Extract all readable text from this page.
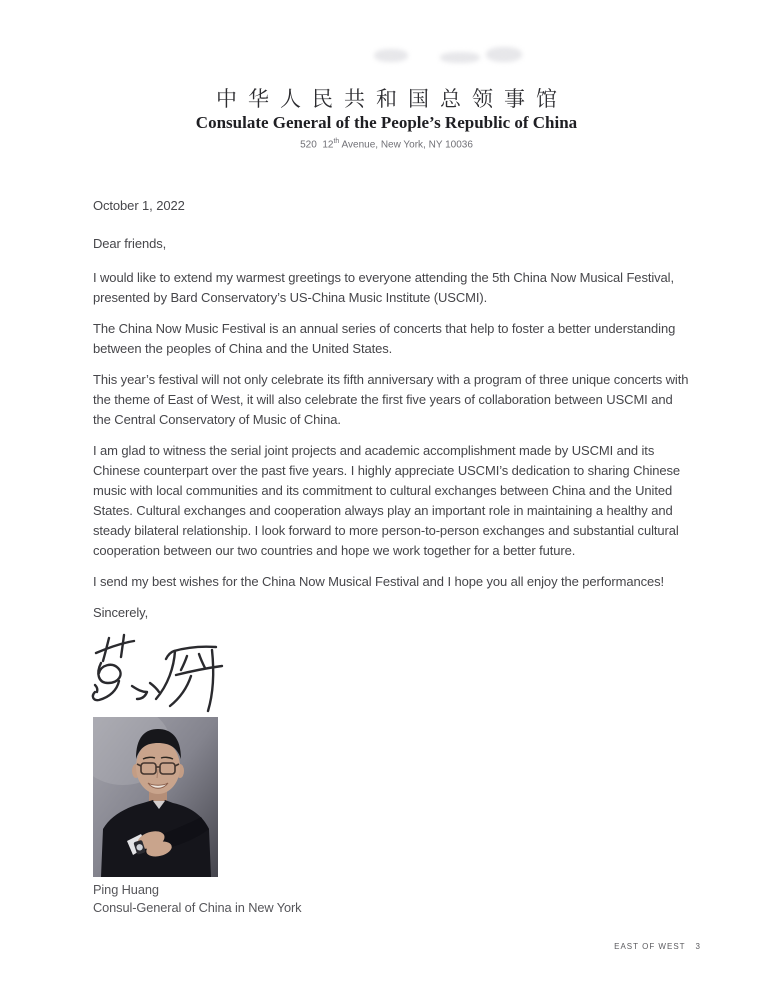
中华人民共和国总领事馆
Consulate General of the People’s Republic of China
520  12th Avenue, New York, NY 10036

October 1, 2022

Dear friends,

I would like to extend my warmest greetings to everyone attending the 5th China Now Musical Festival, presented by Bard Conservatory’s US-China Music Institute (USCMI).

The China Now Music Festival is an annual series of concerts that help to foster a better understanding between the peoples of China and the United States.

This year’s festival will not only celebrate its fifth anniversary with a program of three unique concerts with the theme of East of West, it will also celebrate the first five years of collaboration between USCMI and the Central Conservatory of Music of China.

I am glad to witness the serial joint projects and academic accomplishment made by USCMI and its Chinese counterpart over the past five years. I highly appreciate USCMI’s dedication to sharing Chinese music with local communities and its commitment to cultural exchanges between China and the United States. Cultural exchanges and cooperation always play an important role in maintaining a healthy and steady bilateral relationship. I look forward to more person-to-person exchanges and substantial cultural cooperation between our two countries and hope we work together for a better future.

I send my best wishes for the China Now Musical Festival and I hope you all enjoy the performances!

Sincerely,

Ping Huang

Consul-General of China in New York

EAST OF WEST 3
